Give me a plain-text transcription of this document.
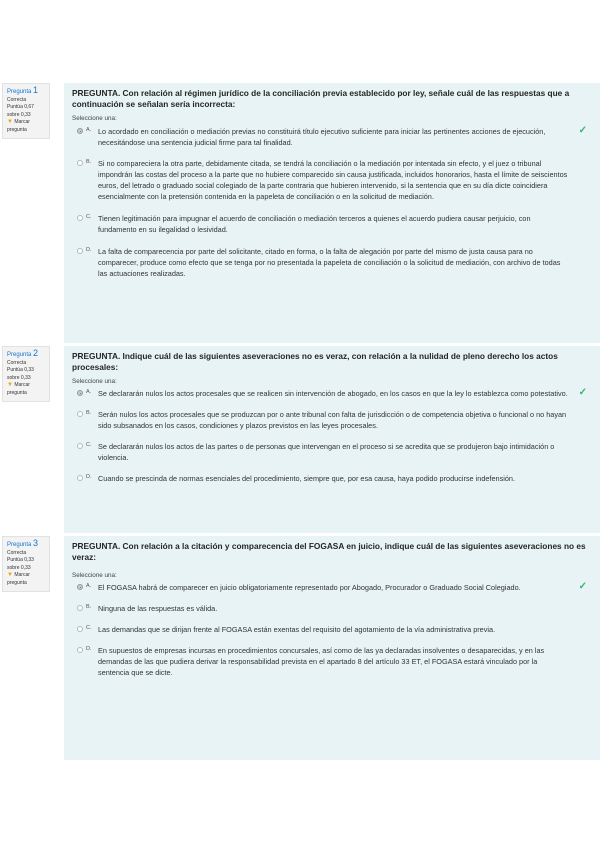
Pregunta 1
Correcta
Puntúa 0,67
sobre 0,33
▼ Marcar
pregunta
PREGUNTA. Con relación al régimen jurídico de la conciliación previa establecido por ley, señale cuál de las respuestas que a continuación se señalan sería incorrecta:
Seleccione una:
A. Lo acordado en conciliación o mediación previas no constituirá título ejecutivo suficiente para iniciar las pertinentes acciones de ejecución, necesitándose una sentencia judicial firme para tal finalidad.
✓
B. Si no compareciera la otra parte, debidamente citada, se tendrá la conciliación o la mediación por intentada sin efecto, y el juez o tribunal impondrán las costas del proceso a la parte que no hubiere comparecido sin causa justificada, incluidos honorarios, hasta el límite de seiscientos euros, del letrado o graduado social colegiado de la parte contraria que hubieren intervenido, si la sentencia que en su día dicte coincidiera esencialmente con la pretensión contenida en la papeleta de conciliación o en la solicitud de mediación.
C. Tienen legitimación para impugnar el acuerdo de conciliación o mediación terceros a quienes el acuerdo pudiera causar perjuicio, con fundamento en su ilegalidad o lesividad.
D. La falta de comparecencia por parte del solicitante, citado en forma, o la falta de alegación por parte del mismo de justa causa para no comparecer, produce como efecto que se tenga por no presentada la papeleta de conciliación o la solicitud de mediación, con archivo de todas las actuaciones realizadas.
Pregunta 2
Correcta
Puntúa 0,33
sobre 0,33
▼ Marcar pregunta
PREGUNTA. Indique cuál de las siguientes aseveraciones no es veraz, con relación a la nulidad de pleno derecho los actos procesales:
Seleccione una:
A. Se declararán nulos los actos procesales que se realicen sin intervención de abogado, en los casos en que la ley lo establezca como potestativo. ✓
B. Serán nulos los actos procesales que se produzcan por o ante tribunal con falta de jurisdicción o de competencia objetiva o funcional o no hayan sido subsanados en los casos, condiciones y plazos previstos en las leyes procesales.
C. Se declararán nulos los actos de las partes o de personas que intervengan en el proceso si se acredita que se produjeron bajo intimidación o violencia.
D. Cuando se prescinda de normas esenciales del procedimiento, siempre que, por esa causa, haya podido producirse indefensión.
Pregunta 3
Correcta
Puntúa 0,33
sobre 0,33
▼ Marcar
pregunta
PREGUNTA. Con relación a la citación y comparecencia del FOGASA en juicio, indique cuál de las siguientes aseveraciones no es veraz:
Seleccione una:
A. El FOGASA habrá de comparecer en juicio obligatoriamente representado por Abogado, Procurador o Graduado Social Colegiado.	✓
B. Ninguna de las respuestas es válida.
C. Las demandas que se dirijan frente al FOGASA están exentas del requisito del agotamiento de la vía administrativa previa.
D. En supuestos de empresas incursas en procedimientos concursales, así como de las ya declaradas insolventes o desaparecidas, y en las demandas de las que pudiera derivar la responsabilidad prevista en el apartado 8 del artículo 33 ET, el FOGASA estará vinculado por la sentencia que se dicte.
